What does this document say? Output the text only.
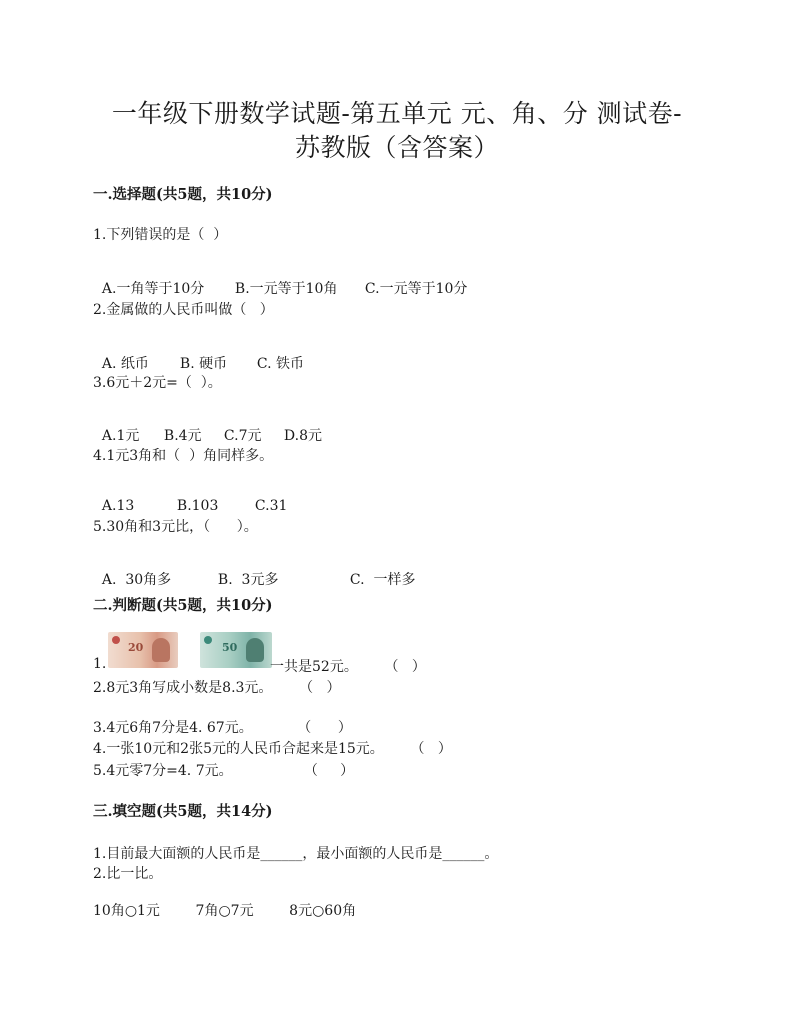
一年级下册数学试题-第五单元 元、角、分 测试卷-
苏教版（含答案）
一.选择题(共5题，共10分)
1.下列错误的是（  ）

A.一角等于10分 B.一元等于10角 C.一元等于10分

2.金属做的人民币叫做（   ）

A. 纸币 B. 硬币 C. 铁币

3.6元＋2元=（  ）。

A.1元 B.4元 C.7元 D.8元

4.1元3角和（  ）角同样多。

A.13	B.103	C.31

5.30角和3元比，（      ）。

A.  30角多	B.  3元多	C.  一样多

二.判断题(共5题，共10分)
20	50
1.	一共是52元。      （   ）
2.8元3角写成小数是8.3元。      （   ）
3.4元6角7分是4. 67元。          （      ）
4.一张10元和2张5元的人民币合起来是15元。      （   ）
5.4元零7分=4. 7元。                （     ）
三.填空题(共5题，共14分)
1.目前最大面额的人民币是______，最小面额的人民币是______。
2.比一比。
10角○1元        7角○7元        8元○60角
